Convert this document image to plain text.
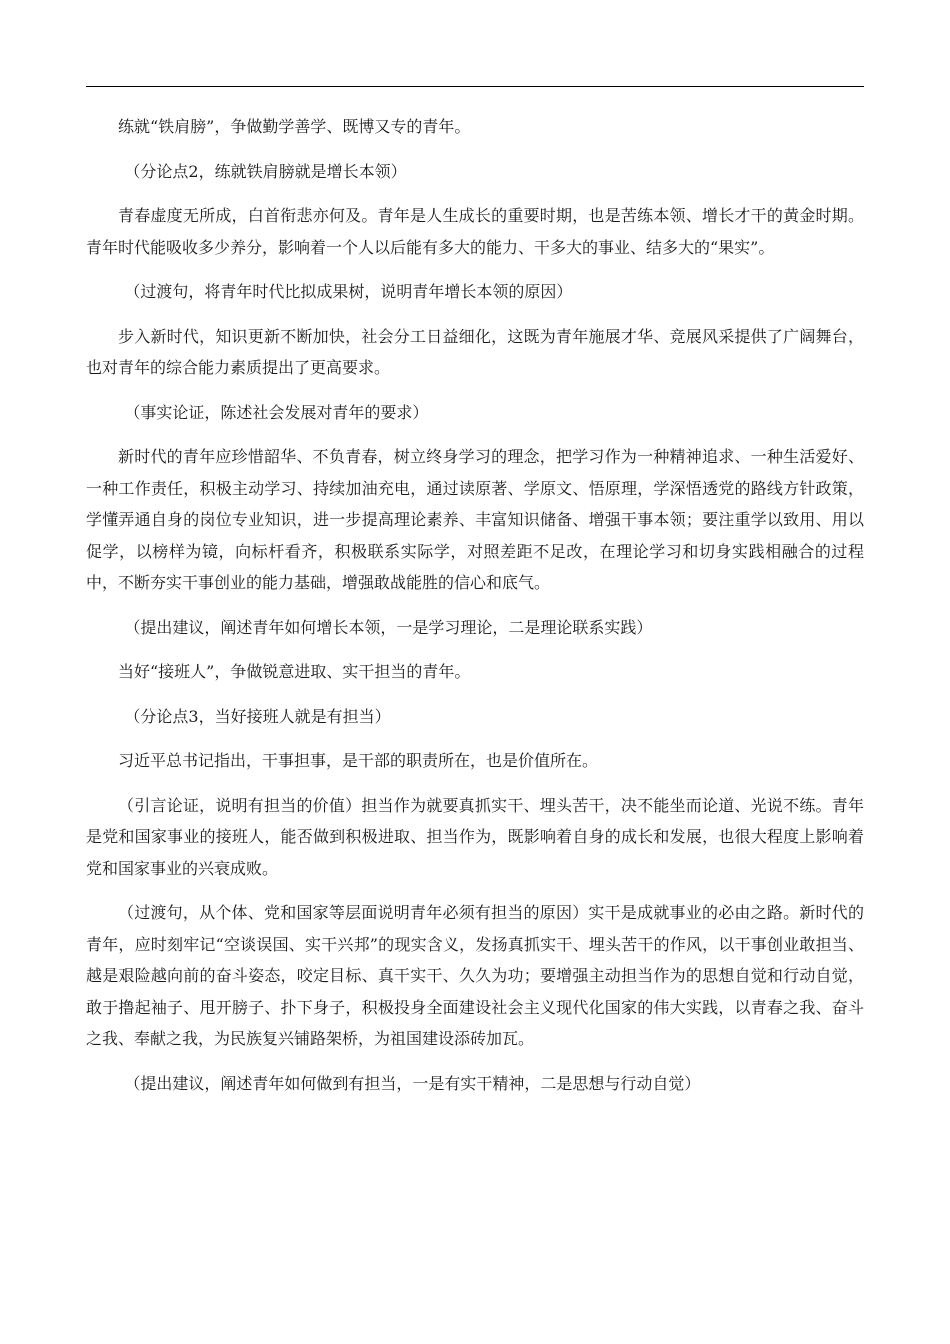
练就“铁肩膀”，争做勤学善学、既博又专的青年。

（分论点2，练就铁肩膀就是增长本领）

青春虚度无所成，白首衔悲亦何及。青年是人生成长的重要时期，也是苦练本领、增长才干的黄金时期。青年时代能吸收多少养分，影响着一个人以后能有多大的能力、干多大的事业、结多大的“果实”。

（过渡句，将青年时代比拟成果树，说明青年增长本领的原因）

步入新时代，知识更新不断加快，社会分工日益细化，这既为青年施展才华、竞展风采提供了广阔舞台，也对青年的综合能力素质提出了更高要求。

（事实论证，陈述社会发展对青年的要求）

新时代的青年应珍惜韶华、不负青春，树立终身学习的理念，把学习作为一种精神追求、一种生活爱好、一种工作责任，积极主动学习、持续加油充电，通过读原著、学原文、悟原理，学深悟透党的路线方针政策，学懂弄通自身的岗位专业知识，进一步提高理论素养、丰富知识储备、增强干事本领；要注重学以致用、用以促学，以榜样为镜，向标杆看齐，积极联系实际学，对照差距不足改，在理论学习和切身实践相融合的过程中，不断夯实干事创业的能力基础，增强敢战能胜的信心和底气。

（提出建议，阐述青年如何增长本领，一是学习理论，二是理论联系实践）

当好“接班人”，争做锐意进取、实干担当的青年。

（分论点3，当好接班人就是有担当）

习近平总书记指出，干事担事，是干部的职责所在，也是价值所在。

（引言论证，说明有担当的价值）担当作为就要真抓实干、埋头苦干，决不能坐而论道、光说不练。青年是党和国家事业的接班人，能否做到积极进取、担当作为，既影响着自身的成长和发展，也很大程度上影响着党和国家事业的兴衰成败。

（过渡句，从个体、党和国家等层面说明青年必须有担当的原因）实干是成就事业的必由之路。新时代的青年，应时刻牢记“空谈误国、实干兴邦”的现实含义，发扬真抓实干、埋头苦干的作风，以干事创业敢担当、越是艰险越向前的奋斗姿态，咬定目标、真干实干、久久为功；要增强主动担当作为的思想自觉和行动自觉，敢于撸起袖子、甩开膀子、扑下身子，积极投身全面建设社会主义现代化国家的伟大实践，以青春之我、奋斗之我、奉献之我，为民族复兴铺路架桥，为祖国建设添砖加瓦。

（提出建议，阐述青年如何做到有担当，一是有实干精神，二是思想与行动自觉）
